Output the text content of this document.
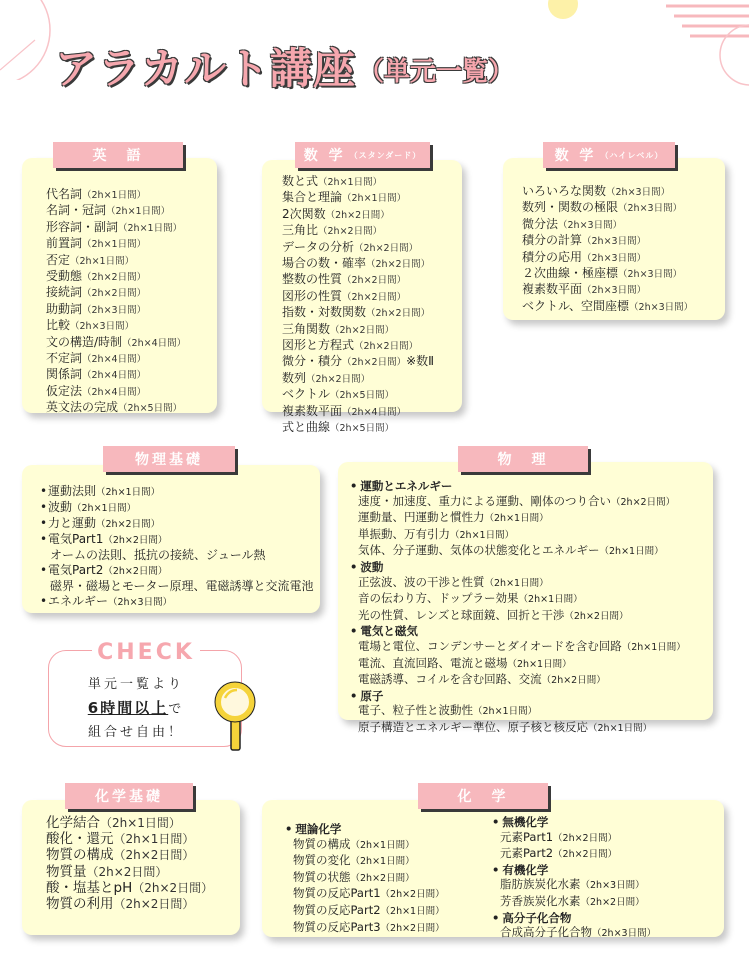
アラカルト講座 （単元一覧）
英　語
代名詞（2h×1日間）
名詞・冠詞（2h×1日間）
形容詞・副詞（2h×1日間）
前置詞（2h×1日間）
否定（2h×1日間）
受動態（2h×2日間）
接続詞（2h×2日間）
助動詞（2h×3日間）
比較（2h×3日間）
文の構造/時制（2h×4日間）
不定詞（2h×4日間）
関係詞（2h×4日間）
仮定法（2h×4日間）
英文法の完成（2h×5日間）
数 学 （スタンダード）
数と式（2h×1日間）
集合と理論（2h×1日間）
2次関数（2h×2日間）
三角比（2h×2日間）
データの分析（2h×2日間）
場合の数・確率（2h×2日間）
整数の性質（2h×2日間）
図形の性質（2h×2日間）
指数・対数関数（2h×2日間）
三角関数（2h×2日間）
図形と方程式（2h×2日間）
微分・積分（2h×2日間）※数Ⅱ
数列（2h×2日間）
ベクトル（2h×5日間）
複素数平面（2h×4日間）
式と曲線（2h×5日間）
数 学 （ハイレベル）
いろいろな関数（2h×3日間）
数列・関数の極限（2h×3日間）
微分法（2h×3日間）
積分の計算（2h×3日間）
積分の応用（2h×3日間）
２次曲線・極座標（2h×3日間）
複素数平面（2h×3日間）
ベクトル、空間座標（2h×3日間）
物理基礎
•運動法則（2h×1日間）
•波動（2h×1日間）
•力と運動（2h×2日間）
•電気Part1（2h×2日間）
オームの法則、抵抗の接続、ジュール熱
•電気Part2（2h×2日間）
磁界・磁場とモーター原理、電磁誘導と交流電池
•エネルギー（2h×3日間）
物　理
• 運動とエネルギー
速度・加速度、重力による運動、剛体のつり合い（2h×2日間）
運動量、円運動と慣性力（2h×1日間）
単振動、万有引力（2h×1日間）
気体、分子運動、気体の状態変化とエネルギー（2h×1日間）
• 波動
正弦波、波の干渉と性質（2h×1日間）
音の伝わり方、ドップラー効果（2h×1日間）
光の性質、レンズと球面鏡、回折と干渉（2h×2日間）
• 電気と磁気
電場と電位、コンデンサーとダイオードを含む回路（2h×1日間）
電流、直流回路、電流と磁場（2h×1日間）
電磁誘導、コイルを含む回路、交流（2h×2日間）
• 原子
電子、粒子性と波動性（2h×1日間）
原子構造とエネルギー準位、原子核と核反応（2h×1日間）
CHECK
単元一覧より
6時間以上で
組合せ自由！
化学基礎
化学結合（2h×1日間）
酸化・還元（2h×1日間）
物質の構成（2h×2日間）
物質量（2h×2日間）
酸・塩基とpH（2h×2日間）
物質の利用（2h×2日間）
化　学
• 理論化学
物質の構成（2h×1日間）
物質の変化（2h×1日間）
物質の状態（2h×2日間）
物質の反応Part1（2h×2日間）
物質の反応Part2（2h×1日間）
物質の反応Part3（2h×2日間）
• 無機化学
元素Part1（2h×2日間）
元素Part2（2h×2日間）
• 有機化学
脂肪族炭化水素（2h×3日間）
芳香族炭化水素（2h×2日間）
• 高分子化合物
合成高分子化合物（2h×3日間）
